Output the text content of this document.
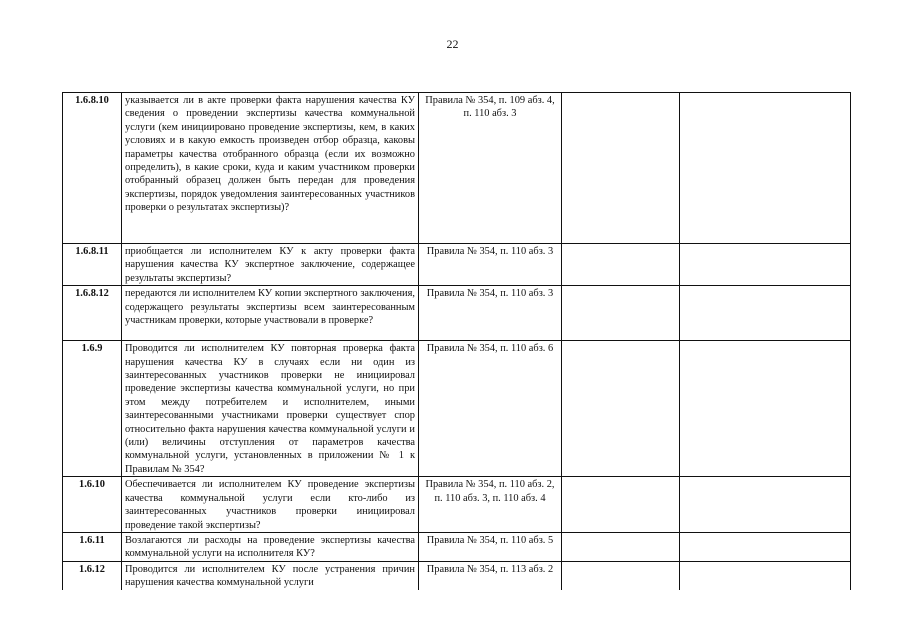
22
1.6.8.10	указывается ли в акте проверки факта нарушения качества КУ сведения о проведении экспертизы качества коммунальной услуги (кем инициировано проведение экспертизы, кем, в каких условиях и в какую емкость произведен отбор образца, каковы параметры качества отобранного образца (если их возможно определить), в какие сроки, куда и каким участником проверки отобранный образец должен быть передан для проведения экспертизы, порядок уведомления заинтересованных участников проверки о результатах экспертизы)?	Правила № 354, п. 109 абз. 4, п. 110 абз. 3		
1.6.8.11	приобщается ли исполнителем КУ к акту проверки факта нарушения качества КУ экспертное заключение, содержащее результаты экспертизы?	Правила № 354, п. 110 абз. 3		
1.6.8.12	передаются ли исполнителем КУ копии экспертного заключения, содержащего результаты экспертизы всем заинтересованным участникам проверки, которые участвовали в проверке?	Правила № 354, п. 110 абз. 3		
1.6.9	Проводится ли исполнителем КУ повторная проверка факта нарушения качества КУ в случаях если ни один из заинтересованных участников проверки не инициировал проведение экспертизы качества коммунальной услуги, но при этом между потребителем и исполнителем, иными заинтересованными участниками проверки существует спор относительно факта нарушения качества коммунальной услуги и (или) величины отступления от параметров качества коммунальной услуги, установленных в приложении № 1 к Правилам № 354?	Правила № 354, п. 110 абз. 6		
1.6.10	Обеспечивается ли исполнителем КУ проведение экспертизы качества коммунальной услуги если кто-либо из заинтересованных участников проверки инициировал проведение такой экспертизы?	Правила № 354, п. 110 абз. 2, п. 110 абз. 3, п. 110 абз. 4		
1.6.11	Возлагаются ли расходы на проведение экспертизы качества коммунальной услуги на исполнителя КУ?	Правила № 354, п. 110 абз. 5		
1.6.12	Проводится ли исполнителем КУ после устранения причин нарушения качества коммунальной услуги	Правила № 354, п. 113 абз. 2		
